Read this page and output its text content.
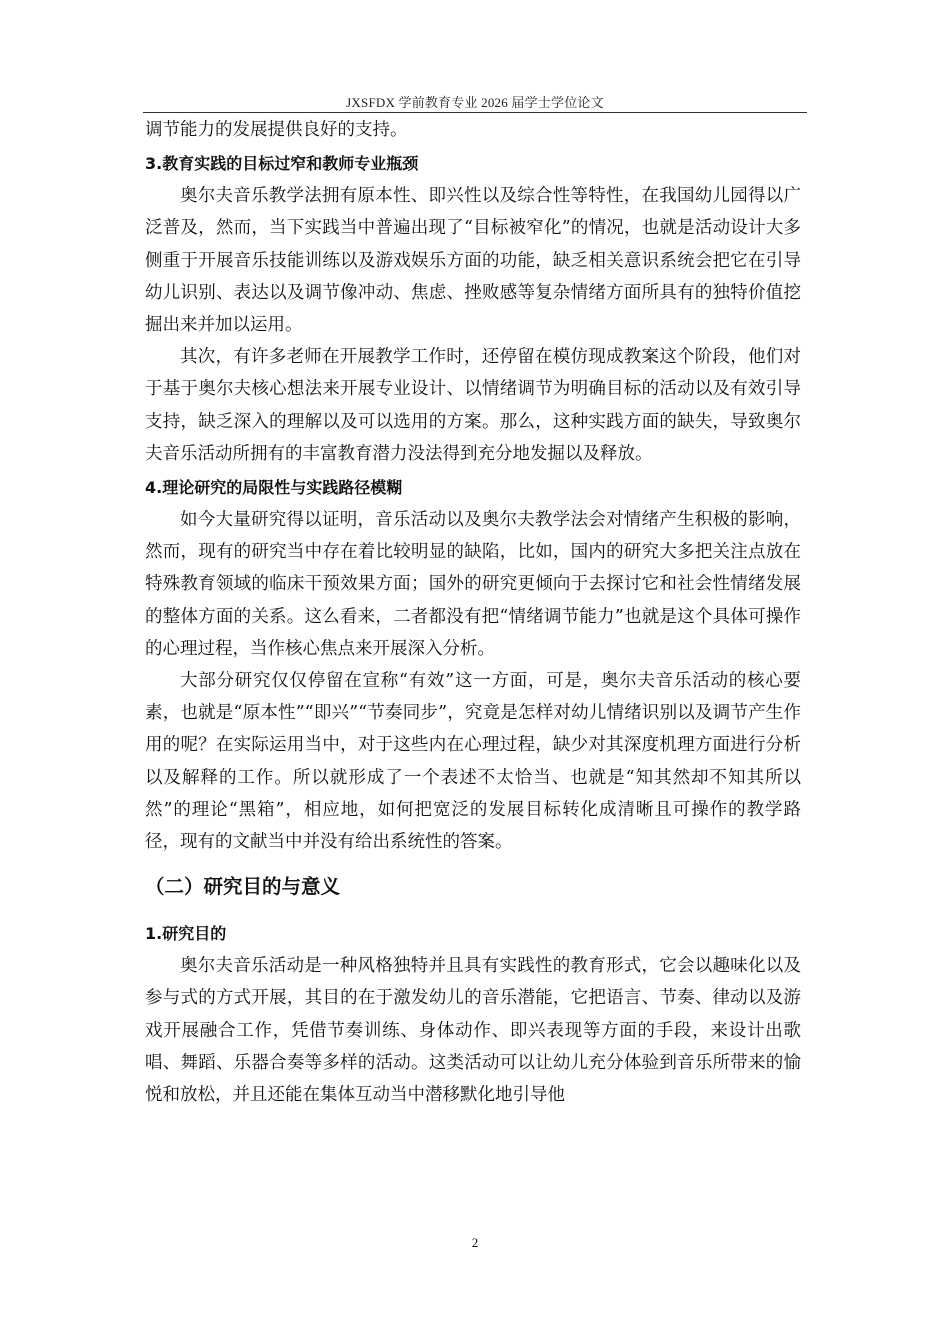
JXSFDX 学前教育专业 2026 届学士学位论文

调节能力的发展提供良好的支持。

3.教育实践的目标过窄和教师专业瓶颈

奥尔夫音乐教学法拥有原本性、即兴性以及综合性等特性，在我国幼儿园得以广泛普及，然而，当下实践当中普遍出现了“目标被窄化”的情况，也就是活动设计大多侧重于开展音乐技能训练以及游戏娱乐方面的功能，缺乏相关意识系统会把它在引导幼儿识别、表达以及调节像冲动、焦虑、挫败感等复杂情绪方面所具有的独特价值挖掘出来并加以运用。

其次，有许多老师在开展教学工作时，还停留在模仿现成教案这个阶段，他们对于基于奥尔夫核心想法来开展专业设计、以情绪调节为明确目标的活动以及有效引导支持，缺乏深入的理解以及可以选用的方案。那么，这种实践方面的缺失，导致奥尔夫音乐活动所拥有的丰富教育潜力没法得到充分地发掘以及释放。

4.理论研究的局限性与实践路径模糊

如今大量研究得以证明，音乐活动以及奥尔夫教学法会对情绪产生积极的影响，然而，现有的研究当中存在着比较明显的缺陷，比如，国内的研究大多把关注点放在特殊教育领域的临床干预效果方面；国外的研究更倾向于去探讨它和社会性情绪发展的整体方面的关系。这么看来，二者都没有把“情绪调节能力”也就是这个具体可操作的心理过程，当作核心焦点来开展深入分析。

大部分研究仅仅停留在宣称“有效”这一方面，可是，奥尔夫音乐活动的核心要素，也就是“原本性”“即兴”“节奏同步”，究竟是怎样对幼儿情绪识别以及调节产生作用的呢？在实际运用当中，对于这些内在心理过程，缺少对其深度机理方面进行分析以及解释的工作。所以就形成了一个表述不太恰当、也就是“知其然却不知其所以然”的理论“黑箱”，相应地，如何把宽泛的发展目标转化成清晰且可操作的教学路径，现有的文献当中并没有给出系统性的答案。

（二）研究目的与意义

1.研究目的

奥尔夫音乐活动是一种风格独特并且具有实践性的教育形式，它会以趣味化以及参与式的方式开展，其目的在于激发幼儿的音乐潜能，它把语言、节奏、律动以及游戏开展融合工作，凭借节奏训练、身体动作、即兴表现等方面的手段，来设计出歌唱、舞蹈、乐器合奏等多样的活动。这类活动可以让幼儿充分体验到音乐所带来的愉悦和放松，并且还能在集体互动当中潜移默化地引导他

2
